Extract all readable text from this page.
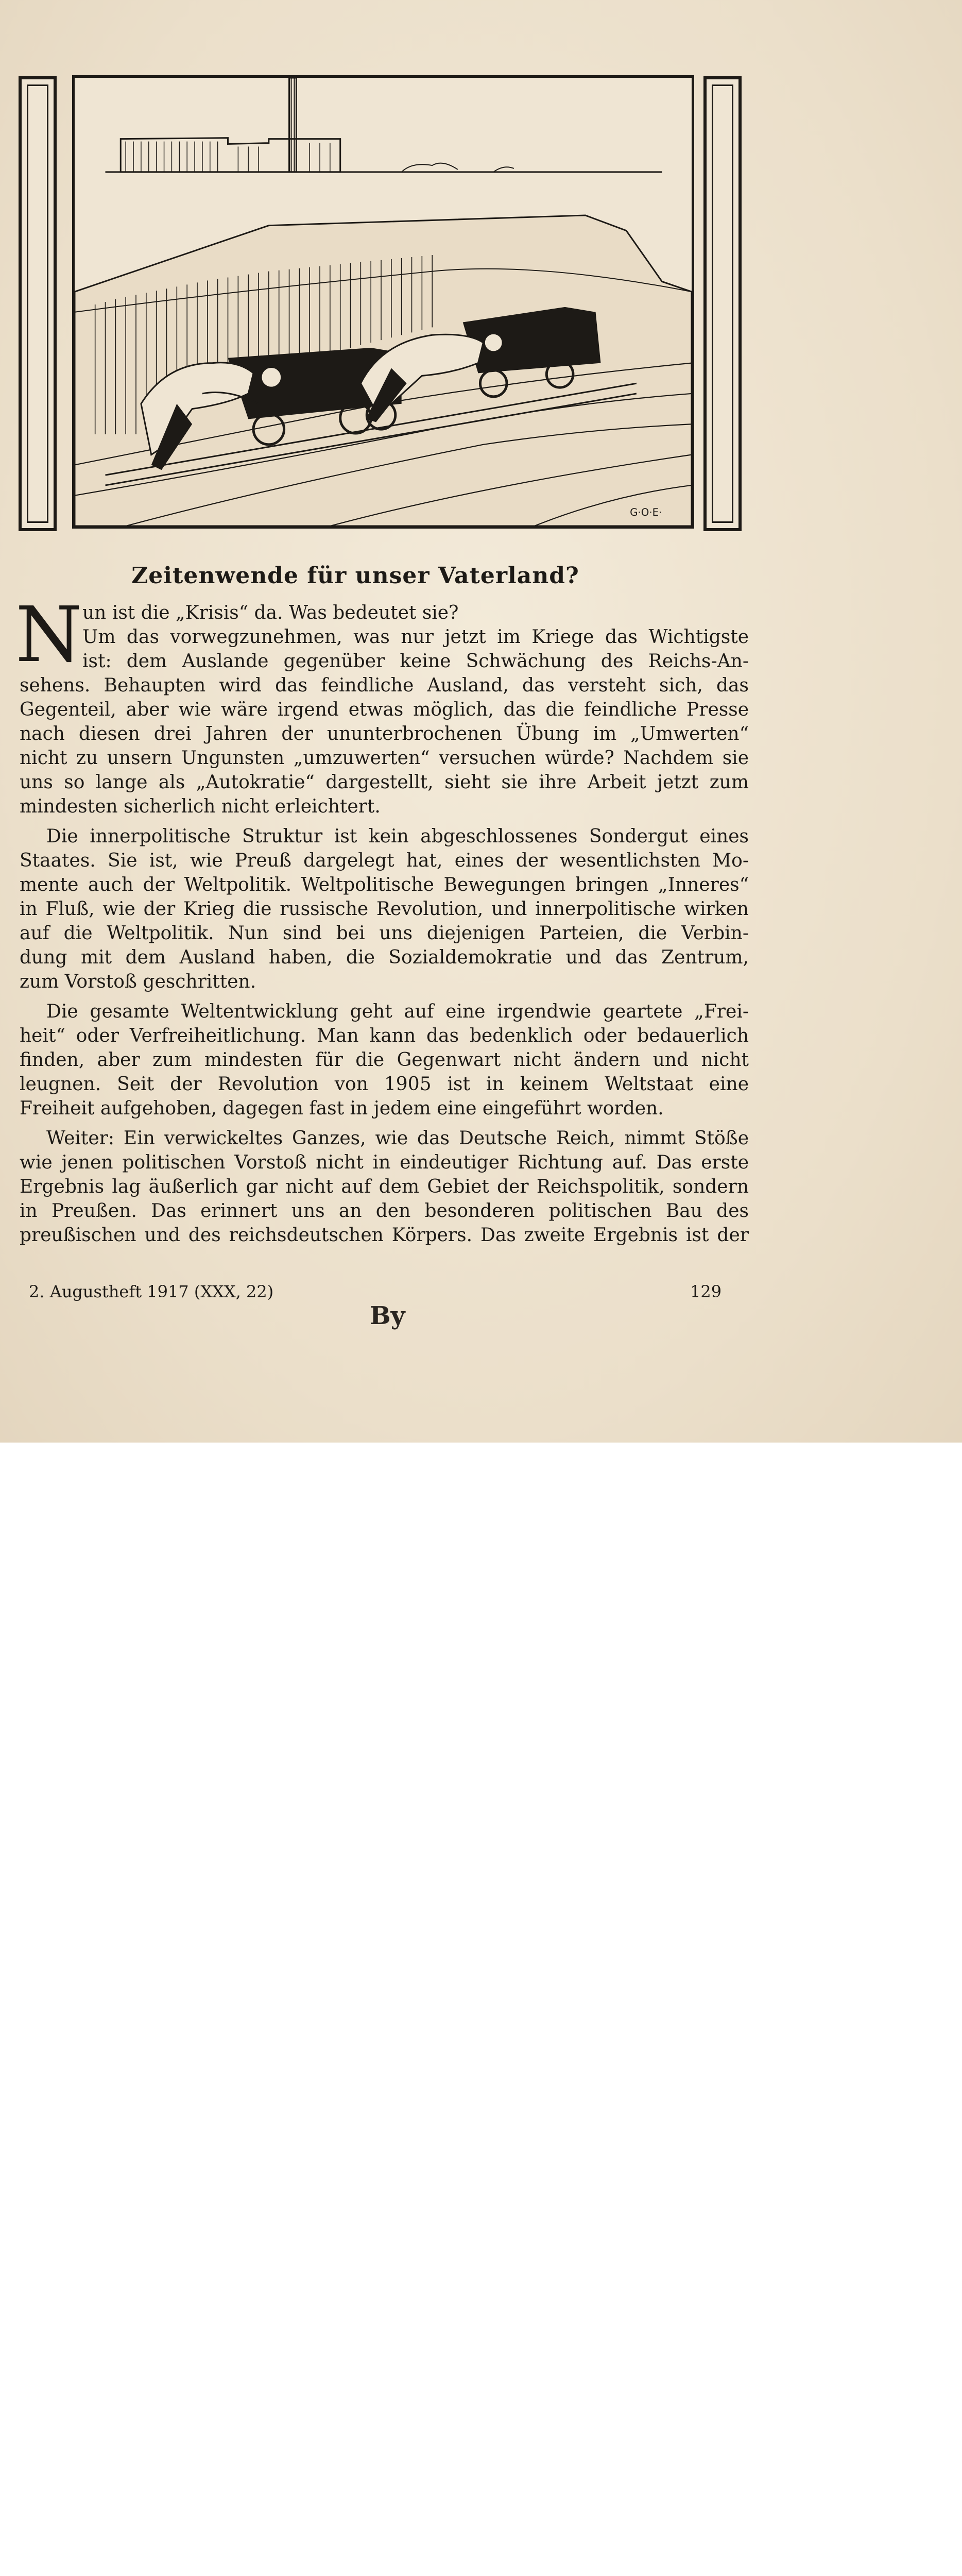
G·O·E·
Zeitenwende für unser Vaterland?
N un ist die „Krisis“ da. Was bedeutet sie?
Um das vorwegzunehmen, was nur jetzt im Kriege das Wichtigste
ist: dem Auslande gegenüber keine Schwächung des Reichs-An-
sehens. Behaupten wird das feindliche Ausland, das versteht sich, das
Gegenteil, aber wie wäre irgend etwas möglich, das die feindliche Presse
nach diesen drei Jahren der ununterbrochenen Übung im „Umwerten“
nicht zu unsern Ungunsten „umzuwerten“ versuchen würde? Nachdem sie
uns so lange als „Autokratie“ dargestellt, sieht sie ihre Arbeit jetzt zum
mindesten sicherlich nicht erleichtert.
Die innerpolitische Struktur ist kein abgeschlossenes Sondergut eines
Staates. Sie ist, wie Preuß dargelegt hat, eines der wesentlichsten Mo-
mente auch der Weltpolitik. Weltpolitische Bewegungen bringen „Inneres“
in Fluß, wie der Krieg die russische Revolution, und innerpolitische wirken
auf die Weltpolitik. Nun sind bei uns diejenigen Parteien, die Verbin-
dung mit dem Ausland haben, die Sozialdemokratie und das Zentrum,
zum Vorstoß geschritten.
Die gesamte Weltentwicklung geht auf eine irgendwie geartete „Frei-
heit“ oder Verfreiheitlichung. Man kann das bedenklich oder bedauerlich
finden, aber zum mindesten für die Gegenwart nicht ändern und nicht
leugnen. Seit der Revolution von 1905 ist in keinem Weltstaat eine
Freiheit aufgehoben, dagegen fast in jedem eine eingeführt worden.
Weiter: Ein verwickeltes Ganzes, wie das Deutsche Reich, nimmt Stöße
wie jenen politischen Vorstoß nicht in eindeutiger Richtung auf. Das erste
Ergebnis lag äußerlich gar nicht auf dem Gebiet der Reichspolitik, sondern
in Preußen. Das erinnert uns an den besonderen politischen Bau des
preußischen und des reichsdeutschen Körpers. Das zweite Ergebnis ist der
2. Augustheft 1917 (XXX, 22)	129
By
